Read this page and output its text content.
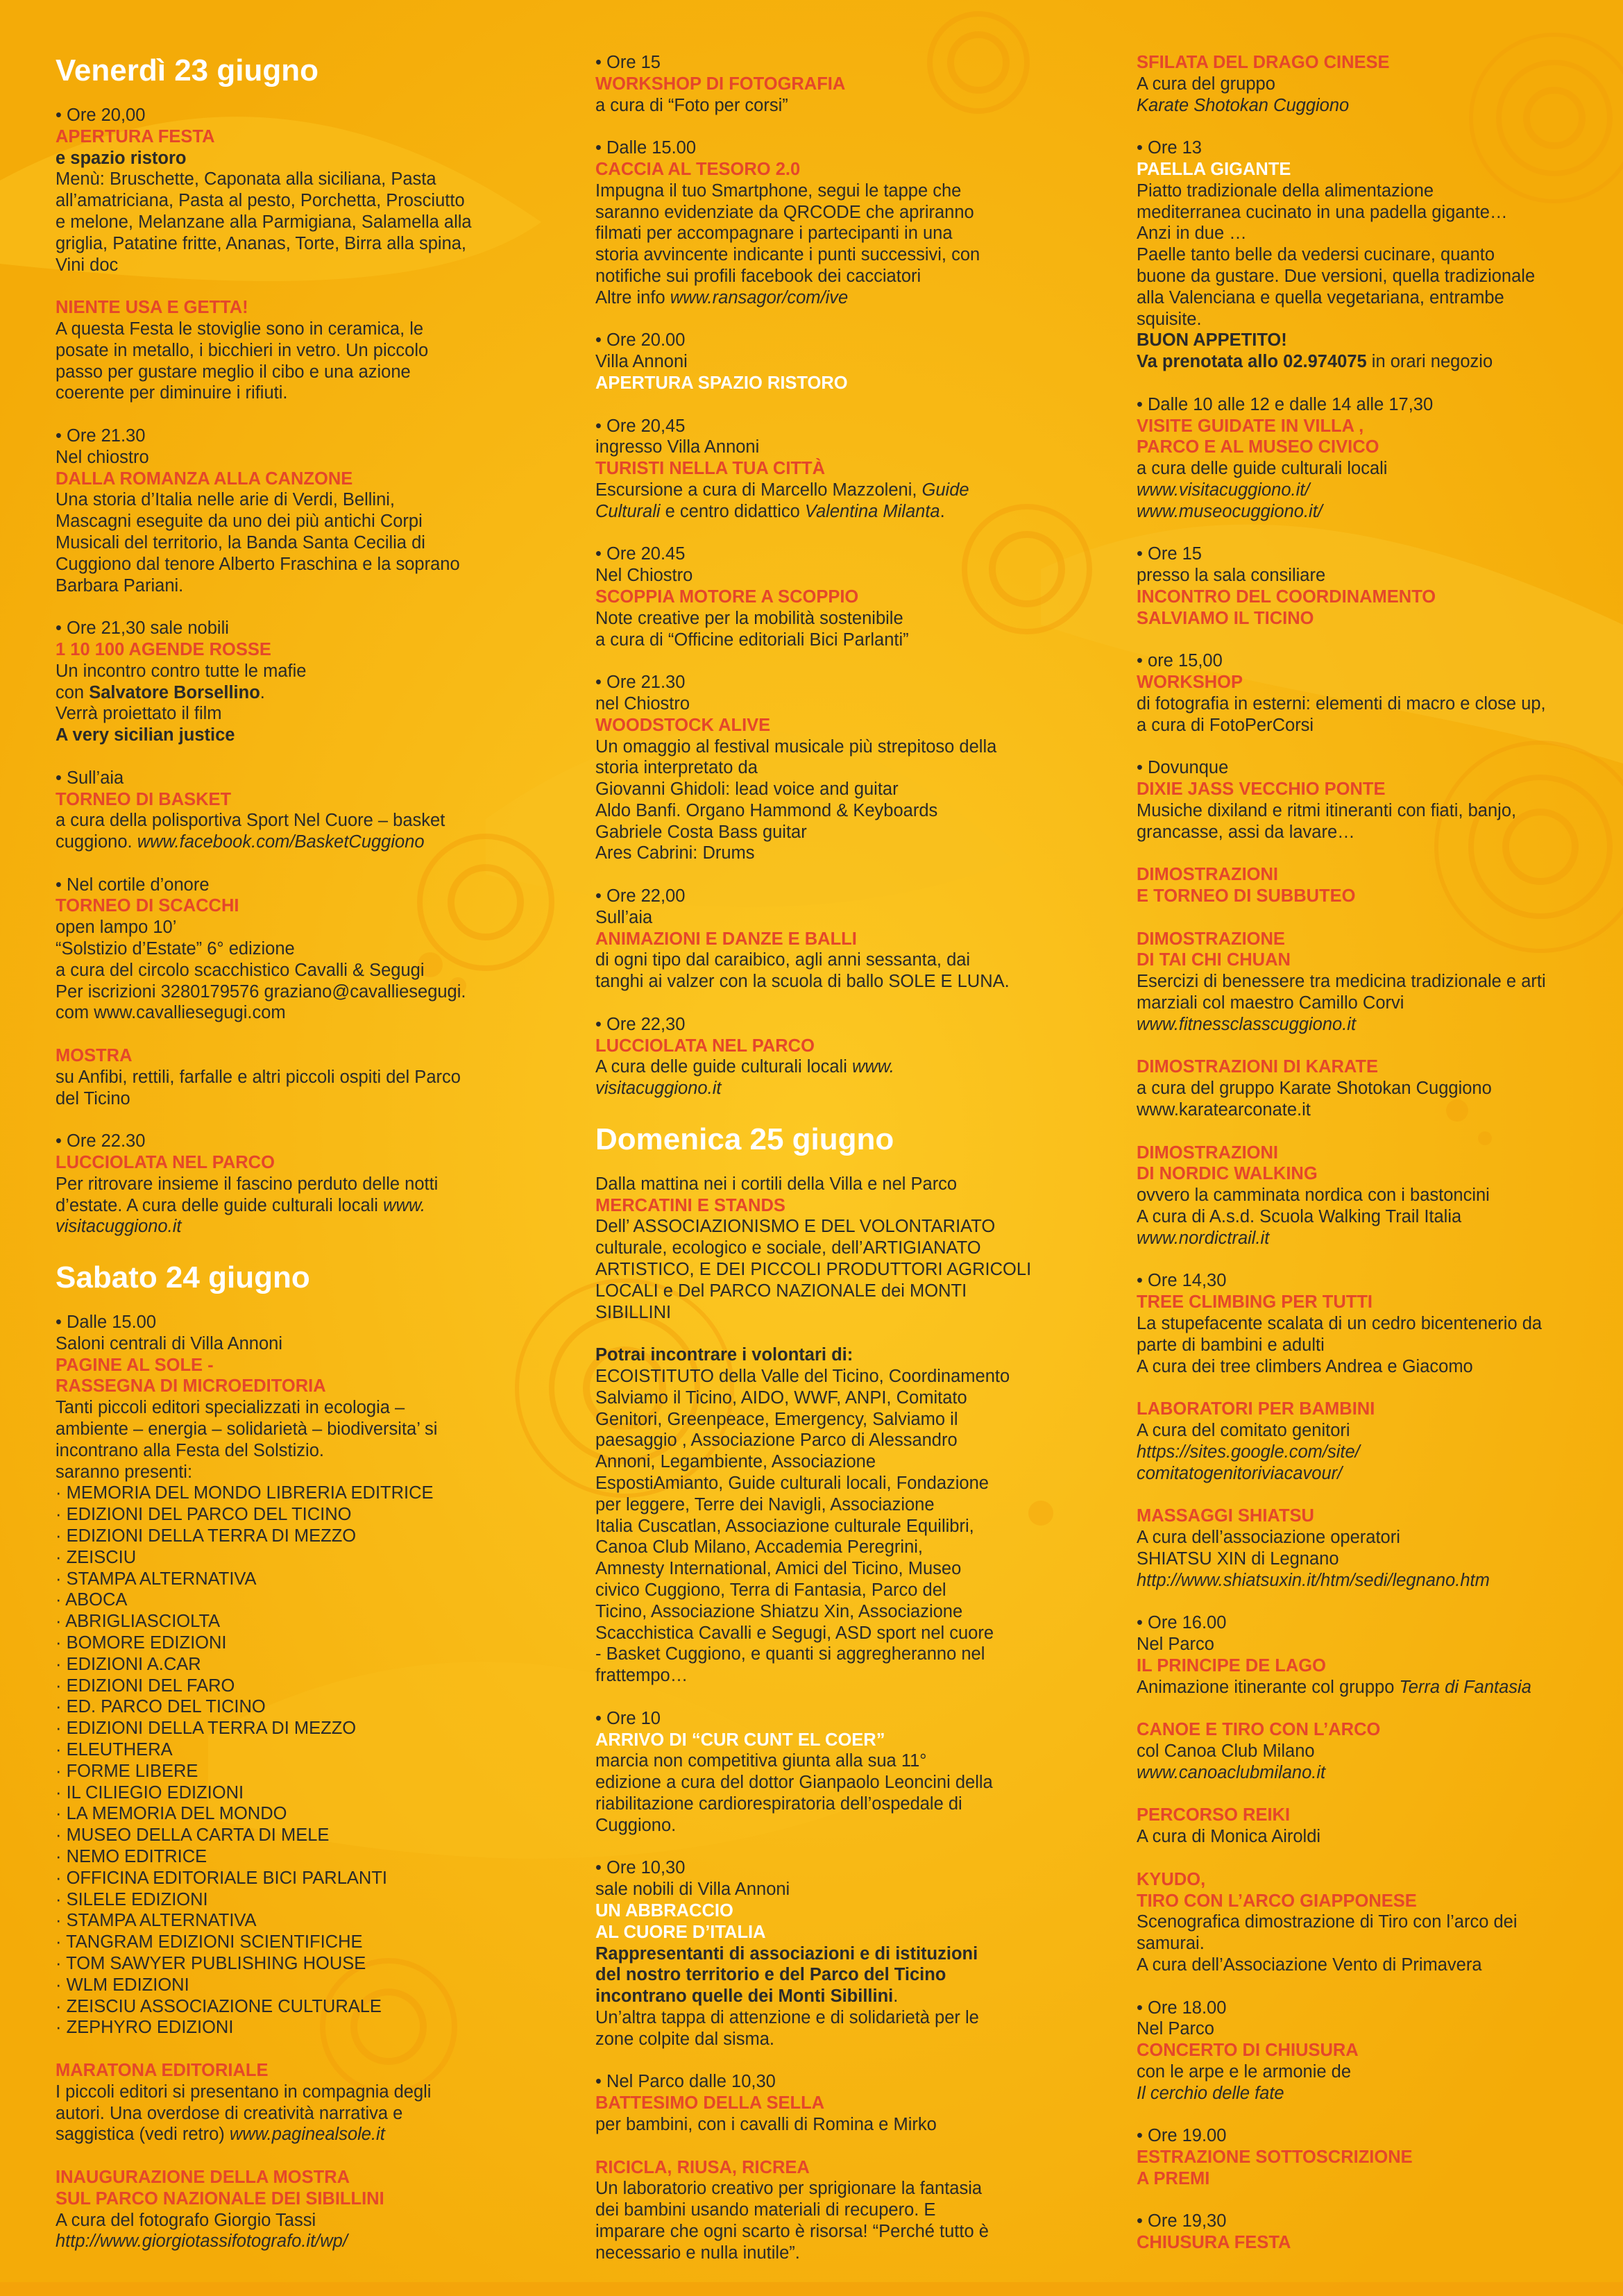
Venerdì 23 giugno
• Ore 20,00
APERTURA FESTA
e spazio ristoro
Menù: Bruschette, Caponata alla siciliana, Pasta
all’amatriciana, Pasta al pesto, Porchetta, Prosciutto
e melone, Melanzane alla Parmigiana, Salamella alla
griglia, Patatine fritte, Ananas, Torte, Birra alla spina,
Vini doc
NIENTE USA E GETTA!
A questa Festa le stoviglie sono in ceramica, le
posate in metallo, i bicchieri in vetro. Un piccolo
passo per gustare meglio il cibo e una azione
coerente per diminuire i rifiuti.
• Ore 21.30
Nel chiostro
DALLA ROMANZA ALLA CANZONE
Una storia d’Italia nelle arie di Verdi, Bellini,
Mascagni eseguite da uno dei più antichi Corpi
Musicali del territorio, la Banda Santa Cecilia di
Cuggiono dal tenore Alberto Fraschina e la soprano
Barbara Pariani.
• Ore 21,30 sale nobili
1 10 100 AGENDE ROSSE
Un incontro contro tutte le mafie
con Salvatore Borsellino.
Verrà proiettato il film
A very sicilian justice
• Sull’aia
TORNEO DI BASKET
a cura della polisportiva Sport Nel Cuore – basket
cuggiono. www.facebook.com/BasketCuggiono
• Nel cortile d’onore
TORNEO DI SCACCHI
open lampo 10’
“Solstizio d’Estate” 6° edizione
a cura del circolo scacchistico Cavalli & Segugi
Per iscrizioni 3280179576 graziano@cavalliesegugi.
com www.cavalliesegugi.com
MOSTRA
su Anfibi, rettili, farfalle e altri piccoli ospiti del Parco
del Ticino
• Ore 22.30
LUCCIOLATA NEL PARCO
Per ritrovare insieme il fascino perduto delle notti
d’estate. A cura delle guide culturali locali www.
visitacuggiono.it
Sabato 24 giugno
• Dalle 15.00
Saloni centrali di Villa Annoni
PAGINE AL SOLE -
RASSEGNA DI MICROEDITORIA
Tanti piccoli editori specializzati in ecologia –
ambiente – energia – solidarietà – biodiversita’ si
incontrano alla Festa del Solstizio.
saranno presenti:
· MEMORIA DEL MONDO LIBRERIA EDITRICE
· EDIZIONI DEL PARCO DEL TICINO
· EDIZIONI DELLA TERRA DI MEZZO
· ZEISCIU
· STAMPA ALTERNATIVA
· ABOCA
· ABRIGLIASCIOLTA
· BOMORE EDIZIONI
· EDIZIONI A.CAR
· EDIZIONI DEL FARO
· ED. PARCO DEL TICINO
· EDIZIONI DELLA TERRA DI MEZZO
· ELEUTHERA
· FORME LIBERE
· IL CILIEGIO EDIZIONI
· LA MEMORIA DEL MONDO
· MUSEO DELLA CARTA DI MELE
· NEMO EDITRICE
· OFFICINA EDITORIALE BICI PARLANTI
· SILELE EDIZIONI
· STAMPA ALTERNATIVA
· TANGRAM EDIZIONI SCIENTIFICHE
· TOM SAWYER PUBLISHING HOUSE
· WLM EDIZIONI
· ZEISCIU ASSOCIAZIONE CULTURALE
· ZEPHYRO EDIZIONI
MARATONA EDITORIALE
I piccoli editori si presentano in compagnia degli
autori. Una overdose di creatività narrativa e
saggistica (vedi retro) www.paginealsole.it
INAUGURAZIONE DELLA MOSTRA
SUL PARCO NAZIONALE DEI SIBILLINI
A cura del fotografo Giorgio Tassi
http://www.giorgiotassifotografo.it/wp/
• Ore 15
WORKSHOP DI FOTOGRAFIA
a cura di “Foto per corsi”
• Dalle 15.00
CACCIA AL TESORO 2.0
Impugna il tuo Smartphone, segui le tappe che
saranno evidenziate da QRCODE che apriranno
filmati per accompagnare i partecipanti in una
storia avvincente indicante i punti successivi, con
notifiche sui profili facebook dei cacciatori
Altre info www.ransagor/com/ive
• Ore 20.00
Villa Annoni
APERTURA SPAZIO RISTORO
• Ore 20,45
ingresso Villa Annoni
TURISTI NELLA TUA CITTÀ
Escursione a cura di Marcello Mazzoleni, Guide
Culturali e centro didattico Valentina Milanta.
• Ore 20.45
Nel Chiostro
SCOPPIA MOTORE A SCOPPIO
Note creative per la mobilità sostenibile
a cura di “Officine editoriali Bici Parlanti”
• Ore 21.30
nel Chiostro
WOODSTOCK ALIVE
Un omaggio al festival musicale più strepitoso della
storia interpretato da
Giovanni Ghidoli: lead voice and guitar
Aldo Banfi. Organo Hammond & Keyboards
Gabriele Costa Bass guitar
Ares Cabrini: Drums
• Ore 22,00
Sull’aia
ANIMAZIONI E DANZE E BALLI
di ogni tipo dal caraibico, agli anni sessanta, dai
tanghi ai valzer con la scuola di ballo SOLE E LUNA.
• Ore 22,30
LUCCIOLATA NEL PARCO
A cura delle guide culturali locali www.
visitacuggiono.it
Domenica 25 giugno
Dalla mattina nei i cortili della Villa e nel Parco
MERCATINI E STANDS
Dell’ ASSOCIAZIONISMO E DEL VOLONTARIATO
culturale, ecologico e sociale, dell’ARTIGIANATO
ARTISTICO, E DEI PICCOLI PRODUTTORI AGRICOLI
LOCALI e Del PARCO NAZIONALE dei MONTI SIBILLINI
Potrai incontrare i volontari di:
ECOISTITUTO della Valle del Ticino, Coordinamento
Salviamo il Ticino, AIDO, WWF, ANPI, Comitato
Genitori, Greenpeace, Emergency, Salviamo il
paesaggio , Associazione Parco di Alessandro
Annoni, Legambiente, Associazione
EspostiAmianto, Guide culturali locali, Fondazione
per leggere, Terre dei Navigli, Associazione
Italia Cuscatlan, Associazione culturale Equilibri,
Canoa Club Milano, Accademia Peregrini,
Amnesty International, Amici del Ticino, Museo
civico Cuggiono, Terra di Fantasia, Parco del
Ticino, Associazione Shiatzu Xin, Associazione
Scacchistica Cavalli e Segugi, ASD sport nel cuore
- Basket Cuggiono, e quanti si aggregheranno nel
frattempo…
• Ore 10
ARRIVO DI “CUR CUNT EL COER”
marcia non competitiva giunta alla sua 11°
edizione a cura del dottor Gianpaolo Leoncini della
riabilitazione cardiorespiratoria dell’ospedale di
Cuggiono.
• Ore 10,30
sale nobili di Villa Annoni
UN ABBRACCIO
AL CUORE D’ITALIA
Rappresentanti di associazioni e di istituzioni
del nostro territorio e del Parco del Ticino
incontrano quelle dei Monti Sibillini.
Un’altra tappa di attenzione e di solidarietà per le
zone colpite dal sisma.
• Nel Parco dalle 10,30
BATTESIMO DELLA SELLA
per bambini, con i cavalli di Romina e Mirko
RICICLA, RIUSA, RICREA
Un laboratorio creativo per sprigionare la fantasia
dei bambini usando materiali di recupero. E
imparare che ogni scarto è risorsa! “Perché tutto è
necessario e nulla inutile”.
SFILATA DEL DRAGO CINESE
A cura del gruppo
Karate Shotokan Cuggiono
• Ore 13
PAELLA GIGANTE
Piatto tradizionale della alimentazione
mediterranea cucinato in una padella gigante…
Anzi in due …
Paelle tanto belle da vedersi cucinare, quanto
buone da gustare. Due versioni, quella tradizionale
alla Valenciana e quella vegetariana, entrambe
squisite.
BUON APPETITO!
Va prenotata allo 02.974075 in orari negozio
• Dalle 10 alle 12 e dalle 14 alle 17,30
VISITE GUIDATE IN VILLA ,
PARCO E AL MUSEO CIVICO
a cura delle guide culturali locali
www.visitacuggiono.it/
www.museocuggiono.it/
• Ore 15
presso la sala consiliare
INCONTRO DEL COORDINAMENTO
SALVIAMO IL TICINO
• ore 15,00
WORKSHOP
di fotografia in esterni: elementi di macro e close up,
a cura di FotoPerCorsi
• Dovunque
DIXIE JASS VECCHIO PONTE
Musiche dixiland e ritmi itineranti con fiati, banjo,
grancasse, assi da lavare…
DIMOSTRAZIONI
E TORNEO DI SUBBUTEO
DIMOSTRAZIONE
DI TAI CHI CHUAN
Esercizi di benessere tra medicina tradizionale e arti
marziali col maestro Camillo Corvi
www.fitnessclasscuggiono.it
DIMOSTRAZIONI DI KARATE
a cura del gruppo Karate Shotokan Cuggiono
www.karatearconate.it
DIMOSTRAZIONI
DI NORDIC WALKING
ovvero la camminata nordica con i bastoncini
A cura di A.s.d. Scuola Walking Trail Italia
www.nordictrail.it
• Ore 14,30
TREE CLIMBING PER TUTTI
La stupefacente scalata di un cedro bicentenerio da
parte di bambini e adulti
A cura dei tree climbers Andrea e Giacomo
LABORATORI PER BAMBINI
A cura del comitato genitori
https://sites.google.com/site/
comitatogenitoriviacavour/
MASSAGGI SHIATSU
A cura dell’associazione operatori
SHIATSU XIN di Legnano
http://www.shiatsuxin.it/htm/sedi/legnano.htm
• Ore 16.00
Nel Parco
IL PRINCIPE DE LAGO
Animazione itinerante col gruppo Terra di Fantasia
CANOE E TIRO CON L’ARCO
col Canoa Club Milano
www.canoaclubmilano.it
PERCORSO REIKI
A cura di Monica Airoldi
KYUDO,
TIRO CON L’ARCO GIAPPONESE
Scenografica dimostrazione di Tiro con l’arco dei
samurai.
A cura dell’Associazione Vento di Primavera
• Ore 18.00
Nel Parco
CONCERTO DI CHIUSURA
con le arpe e le armonie de
Il cerchio delle fate
• Ore 19.00
ESTRAZIONE SOTTOSCRIZIONE
A PREMI
• Ore 19,30
CHIUSURA FESTA
